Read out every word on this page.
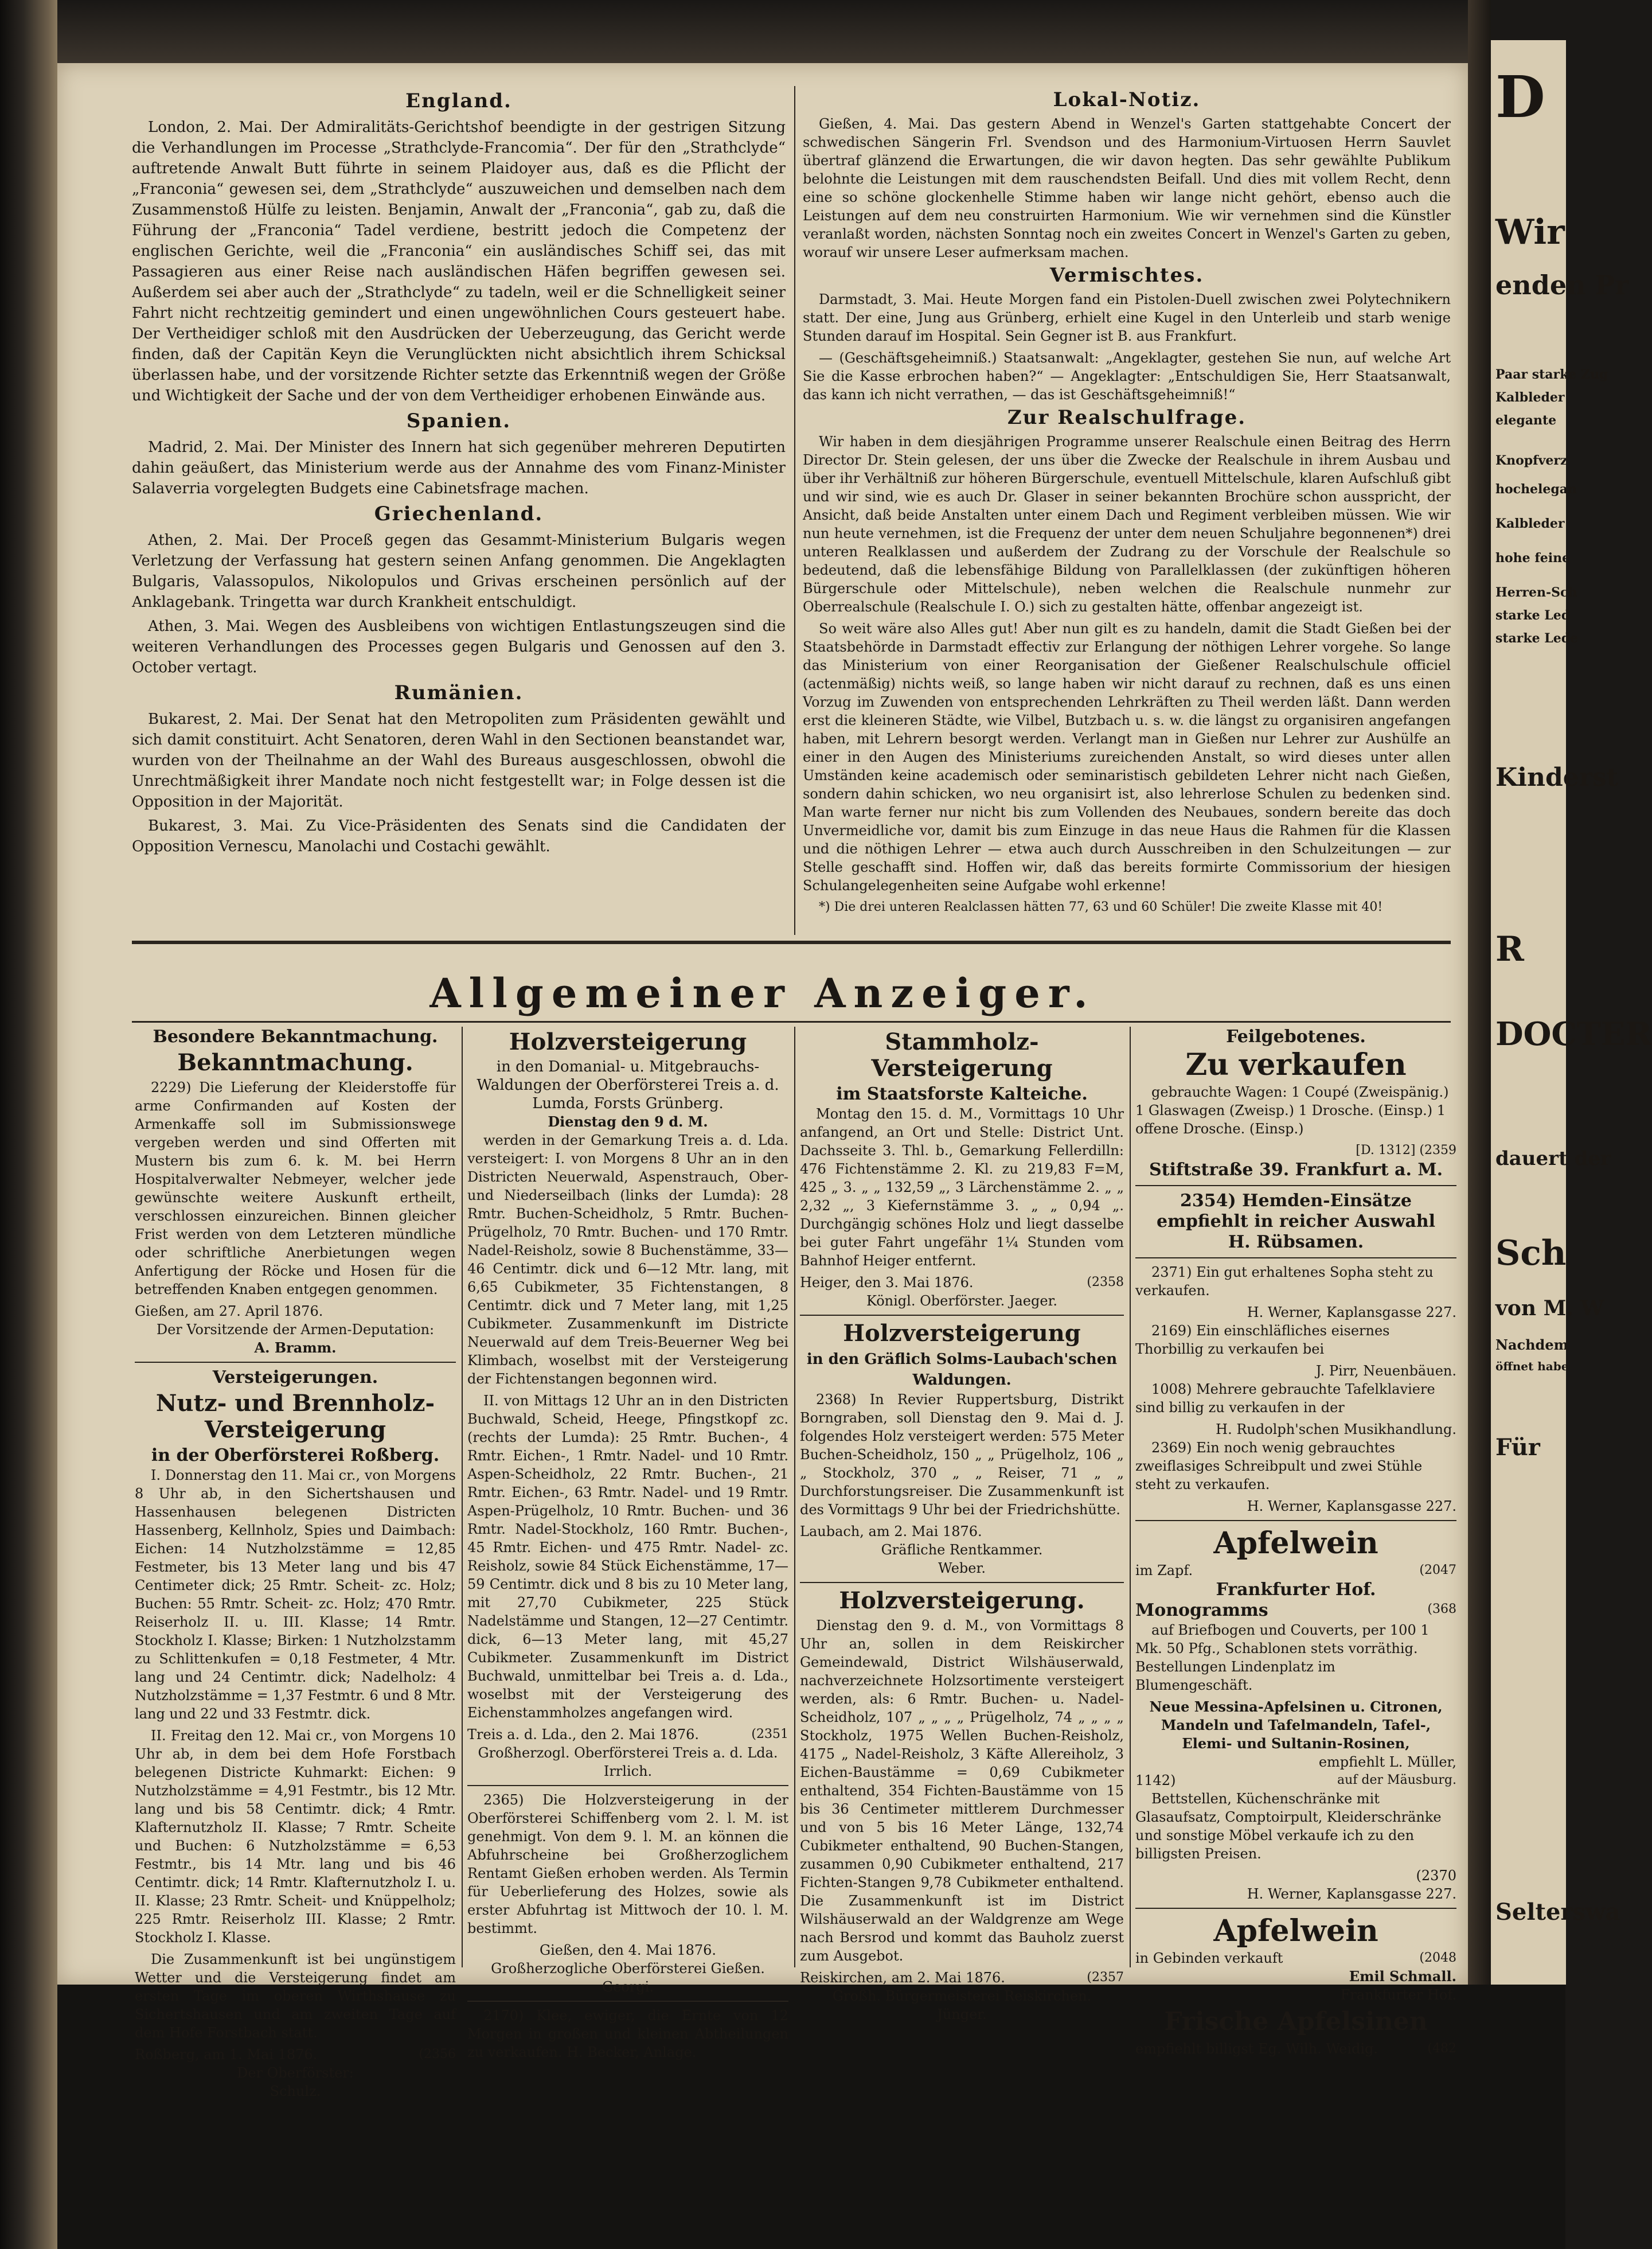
England.

London, 2. Mai. Der Admiralitäts-Gerichtshof beendigte in der gestrigen Sitzung die Verhandlungen im Processe „Strathclyde-Francomia“. Der für den „Strathclyde“ auftretende Anwalt Butt führte in seinem Plaidoyer aus, daß es die Pflicht der „Franconia“ gewesen sei, dem „Strathclyde“ auszuweichen und demselben nach dem Zusammenstoß Hülfe zu leisten. Benjamin, Anwalt der „Franconia“, gab zu, daß die Führung der „Franconia“ Tadel verdiene, bestritt jedoch die Competenz der englischen Gerichte, weil die „Franconia“ ein ausländisches Schiff sei, das mit Passagieren aus einer Reise nach ausländischen Häfen begriffen gewesen sei. Außerdem sei aber auch der „Strathclyde“ zu tadeln, weil er die Schnelligkeit seiner Fahrt nicht rechtzeitig gemindert und einen ungewöhnlichen Cours gesteuert habe. Der Vertheidiger schloß mit den Ausdrücken der Ueberzeugung, das Gericht werde finden, daß der Capitän Keyn die Verunglückten nicht absichtlich ihrem Schicksal überlassen habe, und der vorsitzende Richter setzte das Erkenntniß wegen der Größe und Wichtigkeit der Sache und der von dem Vertheidiger erhobenen Einwände aus.

Spanien.

Madrid, 2. Mai. Der Minister des Innern hat sich gegenüber mehreren Deputirten dahin geäußert, das Ministerium werde aus der Annahme des vom Finanz-Minister Salaverria vorgelegten Budgets eine Cabinetsfrage machen.

Griechenland.

Athen, 2. Mai. Der Proceß gegen das Gesammt-Ministerium Bulgaris wegen Verletzung der Verfassung hat gestern seinen Anfang genommen. Die Angeklagten Bulgaris, Valassopulos, Nikolopulos und Grivas erscheinen persönlich auf der Anklagebank. Tringetta war durch Krankheit entschuldigt.

Athen, 3. Mai. Wegen des Ausbleibens von wichtigen Entlastungszeugen sind die weiteren Verhandlungen des Processes gegen Bulgaris und Genossen auf den 3. October vertagt.

Rumänien.

Bukarest, 2. Mai. Der Senat hat den Metropoliten zum Präsidenten gewählt und sich damit constituirt. Acht Senatoren, deren Wahl in den Sectionen beanstandet war, wurden von der Theilnahme an der Wahl des Bureaus ausgeschlossen, obwohl die Unrechtmäßigkeit ihrer Mandate noch nicht festgestellt war; in Folge dessen ist die Opposition in der Majorität.

Bukarest, 3. Mai. Zu Vice-Präsidenten des Senats sind die Candidaten der Opposition Vernescu, Manolachi und Costachi gewählt.

Lokal-Notiz.

Gießen, 4. Mai. Das gestern Abend in Wenzel's Garten stattgehabte Concert der schwedischen Sängerin Frl. Svendson und des Harmonium-Virtuosen Herrn Sauvlet übertraf glänzend die Erwartungen, die wir davon hegten. Das sehr gewählte Publikum belohnte die Leistungen mit dem rauschendsten Beifall. Und dies mit vollem Recht, denn eine so schöne glockenhelle Stimme haben wir lange nicht gehört, ebenso auch die Leistungen auf dem neu construirten Harmonium. Wie wir vernehmen sind die Künstler veranlaßt worden, nächsten Sonntag noch ein zweites Concert in Wenzel's Garten zu geben, worauf wir unsere Leser aufmerksam machen.

Vermischtes.

Darmstadt, 3. Mai. Heute Morgen fand ein Pistolen-Duell zwischen zwei Polytechnikern statt. Der eine, Jung aus Grünberg, erhielt eine Kugel in den Unterleib und starb wenige Stunden darauf im Hospital. Sein Gegner ist B. aus Frankfurt.

— (Geschäftsgeheimniß.) Staatsanwalt: „Angeklagter, gestehen Sie nun, auf welche Art Sie die Kasse erbrochen haben?“ — Angeklagter: „Entschuldigen Sie, Herr Staatsanwalt, das kann ich nicht verrathen, — das ist Geschäftsgeheimniß!“

Zur Realschulfrage.

Wir haben in dem diesjährigen Programme unserer Realschule einen Beitrag des Herrn Director Dr. Stein gelesen, der uns über die Zwecke der Realschule in ihrem Ausbau und über ihr Verhältniß zur höheren Bürgerschule, eventuell Mittelschule, klaren Aufschluß gibt und wir sind, wie es auch Dr. Glaser in seiner bekannten Brochüre schon ausspricht, der Ansicht, daß beide Anstalten unter einem Dach und Regiment verbleiben müssen. Wie wir nun heute vernehmen, ist die Frequenz der unter dem neuen Schuljahre begonnenen*) drei unteren Realklassen und außerdem der Zudrang zu der Vorschule der Realschule so bedeutend, daß die lebensfähige Bildung von Parallelklassen (der zukünftigen höheren Bürgerschule oder Mittelschule), neben welchen die Realschule nunmehr zur Oberrealschule (Realschule I. O.) sich zu gestalten hätte, offenbar angezeigt ist.

So weit wäre also Alles gut! Aber nun gilt es zu handeln, damit die Stadt Gießen bei der Staatsbehörde in Darmstadt effectiv zur Erlangung der nöthigen Lehrer vorgehe. So lange das Ministerium von einer Reorganisation der Gießener Realschulschule officiel (actenmäßig) nichts weiß, so lange haben wir nicht darauf zu rechnen, daß es uns einen Vorzug im Zuwenden von entsprechenden Lehrkräften zu Theil werden läßt. Dann werden erst die kleineren Städte, wie Vilbel, Butzbach u. s. w. die längst zu organisiren angefangen haben, mit Lehrern besorgt werden. Verlangt man in Gießen nur Lehrer zur Aushülfe an einer in den Augen des Ministeriums zureichenden Anstalt, so wird dieses unter allen Umständen keine academisch oder seminaristisch gebildeten Lehrer nicht nach Gießen, sondern dahin schicken, wo neu organisirt ist, also lehrerlose Schulen zu bedenken sind. Man warte ferner nur nicht bis zum Vollenden des Neubaues, sondern bereite das doch Unvermeidliche vor, damit bis zum Einzuge in das neue Haus die Rahmen für die Klassen und die nöthigen Lehrer — etwa auch durch Ausschreiben in den Schulzeitungen — zur Stelle geschafft sind. Hoffen wir, daß das bereits formirte Commissorium der hiesigen Schulangelegenheiten seine Aufgabe wohl erkenne!

*) Die drei unteren Realclassen hätten 77, 63 und 60 Schüler! Die zweite Klasse mit 40!

Allgemeiner Anzeiger.
Besondere Bekanntmachung.
Bekanntmachung.

2229) Die Lieferung der Kleiderstoffe für arme Confirmanden auf Kosten der Armenkaffe soll im Submissionswege vergeben werden und sind Offerten mit Mustern bis zum 6. k. M. bei Herrn Hospitalverwalter Nebmeyer, welcher jede gewünschte weitere Auskunft ertheilt, verschlossen einzureichen. Binnen gleicher Frist werden von dem Letzteren mündliche oder schriftliche Anerbietungen wegen Anfertigung der Röcke und Hosen für die betreffenden Knaben entgegen genommen.

Gießen, am 27. April 1876.
Der Vorsitzende der Armen-Deputation:
A. Bramm.
Versteigerungen.
Nutz- und Brennholz-Versteigerung
in der Oberförsterei Roßberg.

I. Donnerstag den 11. Mai cr., von Morgens 8 Uhr ab, in den Sichertshausen und Hassenhausen belegenen Districten Hassenberg, Kellnholz, Spies und Daimbach: Eichen: 14 Nutzholzstämme = 12,85 Festmeter, bis 13 Meter lang und bis 47 Centimeter dick; 25 Rmtr. Scheit- zc. Holz; Buchen: 55 Rmtr. Scheit- zc. Holz; 470 Rmtr. Reiserholz II. u. III. Klasse; 14 Rmtr. Stockholz I. Klasse; Birken: 1 Nutzholzstamm zu Schlittenkufen = 0,18 Festmeter, 4 Mtr. lang und 24 Centimtr. dick; Nadelholz: 4 Nutzholzstämme = 1,37 Festmtr. 6 und 8 Mtr. lang und 22 und 33 Festmtr. dick.

II. Freitag den 12. Mai cr., von Morgens 10 Uhr ab, in dem bei dem Hofe Forstbach belegenen Districte Kuhmarkt: Eichen: 9 Nutzholzstämme = 4,91 Festmtr., bis 12 Mtr. lang und bis 58 Centimtr. dick; 4 Rmtr. Klafternutzholz II. Klasse; 7 Rmtr. Scheite und Buchen: 6 Nutzholzstämme = 6,53 Festmtr., bis 14 Mtr. lang und bis 46 Centimtr. dick; 14 Rmtr. Klafternutzholz I. u. II. Klasse; 23 Rmtr. Scheit- und Knüppelholz; 225 Rmtr. Reiserholz III. Klasse; 2 Rmtr. Stockholz I. Klasse.

Die Zusammenkunft ist bei ungünstigem Wetter und die Versteigerung findet am ersten Tage im oberen Wirthshause zu Sichertshausen und am zweiten Tage auf dem Hofe Forstbach statt.

Roßberg, am 1. Mai 1876.	(2356
Der Oberförster:
Schulz.
Holzversteigerung
in den Domanial- u. Mitgebrauchs-Waldungen der Oberförsterei Treis a. d. Lumda, Forsts Grünberg.
Dienstag den 9 d. M.

werden in der Gemarkung Treis a. d. Lda. versteigert: I. von Morgens 8 Uhr an in den Districten Neuerwald, Aspenstrauch, Ober- und Niederseilbach (links der Lumda): 28 Rmtr. Buchen-Scheidholz, 5 Rmtr. Buchen-Prügelholz, 70 Rmtr. Buchen- und 170 Rmtr. Nadel-Reisholz, sowie 8 Buchenstämme, 33—46 Centimtr. dick und 6—12 Mtr. lang, mit 6,65 Cubikmeter, 35 Fichtenstangen, 8 Centimtr. dick und 7 Meter lang, mit 1,25 Cubikmeter. Zusammenkunft im Districte Neuerwald auf dem Treis-Beuerner Weg bei Klimbach, woselbst mit der Versteigerung der Fichtenstangen begonnen wird.

II. von Mittags 12 Uhr an in den Districten Buchwald, Scheid, Heege, Pfingstkopf zc. (rechts der Lumda): 25 Rmtr. Buchen-, 4 Rmtr. Eichen-, 1 Rmtr. Nadel- und 10 Rmtr. Aspen-Scheidholz, 22 Rmtr. Buchen-, 21 Rmtr. Eichen-, 63 Rmtr. Nadel- und 19 Rmtr. Aspen-Prügelholz, 10 Rmtr. Buchen- und 36 Rmtr. Nadel-Stockholz, 160 Rmtr. Buchen-, 45 Rmtr. Eichen- und 475 Rmtr. Nadel- zc. Reisholz, sowie 84 Stück Eichenstämme, 17—59 Centimtr. dick und 8 bis zu 10 Meter lang, mit 27,70 Cubikmeter, 225 Stück Nadelstämme und Stangen, 12—27 Centimtr. dick, 6—13 Meter lang, mit 45,27 Cubikmeter. Zusammenkunft im District Buchwald, unmittelbar bei Treis a. d. Lda., woselbst mit der Versteigerung des Eichenstammholzes angefangen wird.

Treis a. d. Lda., den 2. Mai 1876.	(2351
Großherzogl. Oberförsterei Treis a. d. Lda. Irrlich.

2365) Die Holzversteigerung in der Oberförsterei Schiffenberg vom 2. l. M. ist genehmigt. Von dem 9. l. M. an können die Abfuhrscheine bei Großherzoglichem Rentamt Gießen erhoben werden. Als Termin für Ueberlieferung des Holzes, sowie als erster Abfuhrtag ist Mittwoch der 10. l. M. bestimmt.

Gießen, den 4. Mai 1876.
Großherzogliche Oberförsterei Gießen.
Georgi.

2170) Klee, ewiger, die Ernte von 12 Morgen in großen und kleinen Abtheilungen zu verkaufen. H. Becker, Anlage.

Stammholz-Versteigerung
im Staatsforste Kalteiche.

Montag den 15. d. M., Vormittags 10 Uhr anfangend, an Ort und Stelle: District Unt. Dachsseite 3. Thl. b., Gemarkung Fellerdilln: 476 Fichtenstämme 2. Kl. zu 219,83 F=M, 425 „ 3. „ „ 132,59 „, 3 Lärchenstämme 2. „ „ 2,32 „, 3 Kiefernstämme 3. „ „ 0,94 „. Durchgängig schönes Holz und liegt dasselbe bei guter Fahrt ungefähr 1¼ Stunden vom Bahnhof Heiger entfernt.

Heiger, den 3. Mai 1876.	(2358
Königl. Oberförster. Jaeger.
Holzversteigerung
in den Gräflich Solms-Laubach'schen Waldungen.

2368) In Revier Ruppertsburg, Distrikt Borngraben, soll Dienstag den 9. Mai d. J. folgendes Holz versteigert werden: 575 Meter Buchen-Scheidholz, 150 „ „ Prügelholz, 106 „ „ Stockholz, 370 „ „ Reiser, 71 „ „ Durchforstungsreiser. Die Zusammenkunft ist des Vormittags 9 Uhr bei der Friedrichshütte.

Laubach, am 2. Mai 1876.
Gräfliche Rentkammer.
Weber.
Holzversteigerung.

Dienstag den 9. d. M., von Vormittags 8 Uhr an, sollen in dem Reiskircher Gemeindewald, District Wilshäuserwald, nachverzeichnete Holzsortimente versteigert werden, als: 6 Rmtr. Buchen- u. Nadel-Scheidholz, 107 „ „ „ „ Prügelholz, 74 „ „ „ „ Stockholz, 1975 Wellen Buchen-Reisholz, 4175 „ Nadel-Reisholz, 3 Käfte Allereiholz, 3 Eichen-Baustämme = 0,69 Cubikmeter enthaltend, 354 Fichten-Baustämme von 15 bis 36 Centimeter mittlerem Durchmesser und von 5 bis 16 Meter Länge, 132,74 Cubikmeter enthaltend, 90 Buchen-Stangen, zusammen 0,90 Cubikmeter enthaltend, 217 Fichten-Stangen 9,78 Cubikmeter enthaltend. Die Zusammenkunft ist im District Wilshäuserwald an der Waldgrenze am Wege nach Bersrod und kommt das Bauholz zuerst zum Ausgebot.

Reiskirchen, am 2. Mai 1876.	(2357
Großh. Bürgermeisterei Reiskirchen.
Jünger.
Feilgebotenes.
Zu verkaufen

gebrauchte Wagen: 1 Coupé (Zweispänig.) 1 Glaswagen (Zweisp.) 1 Drosche. (Einsp.) 1 offene Drosche. (Einsp.)

[D. 1312] (2359
Stiftstraße 39. Frankfurt a. M.
2354) Hemden-Einsätze empfiehlt in reicher Auswahl
H. Rübsamen.

2371) Ein gut erhaltenes Sopha steht zu verkaufen.

H. Werner, Kaplansgasse 227.

2169) Ein einschläfliches eisernes Thorbillig zu verkaufen bei

J. Pirr, Neuenbäuen.

1008) Mehrere gebrauchte Tafelklaviere sind billig zu verkaufen in der

H. Rudolph'schen Musikhandlung.

2369) Ein noch wenig gebrauchtes zweiflasiges Schreibpult und zwei Stühle steht zu verkaufen.

H. Werner, Kaplansgasse 227.
Apfelwein
im Zapf.	(2047
Frankfurter Hof.
Monogramms	(368

auf Briefbogen und Couverts, per 100 1 Mk. 50 Pfg., Schablonen stets vorräthig. Bestellungen Lindenplatz im Blumengeschäft.

Neue Messina-Apfelsinen u. Citronen, Mandeln und Tafelmandeln, Tafel-, Elemi- und Sultanin-Rosinen,
empfiehlt L. Müller,
1142)	auf der Mäusburg.

Bettstellen, Küchenschränke mit Glasaufsatz, Comptoirpult, Kleiderschränke und sonstige Möbel verkaufe ich zu den billigsten Preisen.

(2370
H. Werner, Kaplansgasse 227.
Apfelwein
in Gebinden verkauft	(2048
Emil Schmall.
Frankfurter Hof.
Frische Apfelsinen
empfiehlt billigst Eg. Wilh. Weidig.	(482
D
Wir
enden Pr
Paar starke Zug
Kalbleder
elegante
Knopfverz
hochelegan
Kalbleder
hohe feine
Herren-Sch
starke Led
starke Lede
Kinderst
R
DOCTER
dauert der
Sch
von M. W
Nachdem
öffnet habe
Für
Selterswa
